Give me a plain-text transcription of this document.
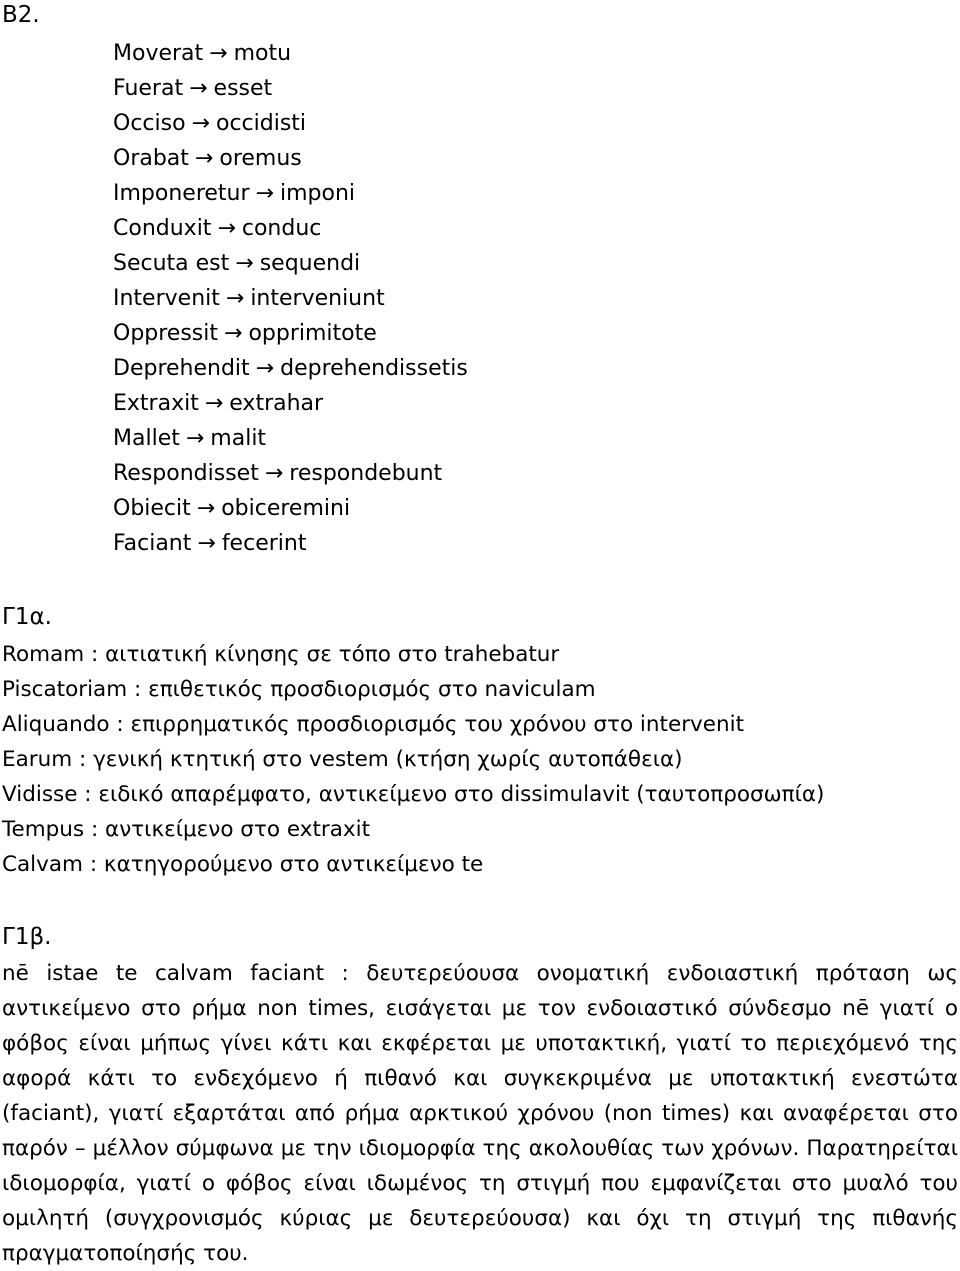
B2.
Moverat → motu
Fuerat → esset
Occiso → occidisti
Orabat → oremus
Imponeretur → imponi
Conduxit → conduc
Secuta est → sequendi
Intervenit → interveniunt
Oppressit → opprimitote
Deprehendit → deprehendissetis
Extraxit → extrahar
Mallet → malit
Respondisset → respondebunt
Obiecit → obiceremini
Faciant → fecerint
Γ1α.
Romam : αιτιατική κίνησης σε τόπο στο trahebatur
Piscatoriam : επιθετικός προσδιορισμός στο naviculam
Aliquando : επιρρηματικός προσδιορισμός του χρόνου στο intervenit
Earum : γενική κτητική στο vestem (κτήση χωρίς αυτοπάθεια)
Vidisse : ειδικό απαρέμφατο, αντικείμενο στο dissimulavit (ταυτοπροσωπία)
Tempus : αντικείμενο στο extraxit
Calvam : κατηγορούμενο στο αντικείμενο te
Γ1β.

nē istae te calvam faciant : δευτερεύουσα ονοματική ενδοιαστική πρόταση ως αντικείμενο στο ρήμα non times, εισάγεται με τον ενδοιαστικό σύνδεσμο nē γιατί ο φόβος είναι μήπως γίνει κάτι και εκφέρεται με υποτακτική, γιατί το περιεχόμενό της αφορά κάτι το ενδεχόμενο ή πιθανό και συγκεκριμένα με υποτακτική ενεστώτα (faciant), γιατί εξαρτάται από ρήμα αρκτικού χρόνου (non times) και αναφέρεται στο παρόν – μέλλον σύμφωνα με την ιδιομορφία της ακολουθίας των χρόνων. Παρατηρείται ιδιομορφία, γιατί ο φόβος είναι ιδωμένος τη στιγμή που εμφανίζεται στο μυαλό του ομιλητή (συγχρονισμός κύριας με δευτερεύουσα) και όχι τη στιγμή της πιθανής πραγματοποίησής του.
